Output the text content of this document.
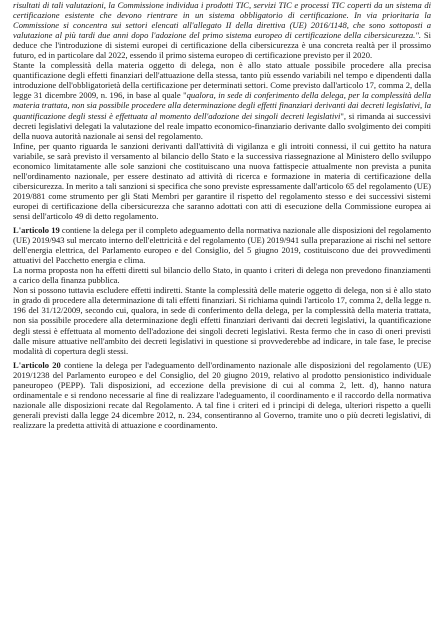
risultati di tali valutazioni, la Commissione individua i prodotti TIC, servizi TIC e processi TIC coperti da un sistema di certificazione esistente che devono rientrare in un sistema obbligatorio di certificazione. In via prioritaria la Commissione si concentra sui settori elencati all'allegato II della direttiva (UE) 2016/1148, che sono sottoposti a valutazione al più tardi due anni dopo l'adozione del primo sistema europeo di certificazione della cibersicurezza.". Si deduce che l'introduzione di sistemi europei di certificazione della cibersicurezza è una concreta realtà per il prossimo futuro, ed in particolare dal 2022, essendo il primo sistema europeo di certificazione previsto per il 2020.

Stante la complessità della materia oggetto di delega, non è allo stato attuale possibile procedere alla precisa quantificazione degli effetti finanziari dell'attuazione della stessa, tanto più essendo variabili nel tempo e dipendenti dalla introduzione dell'obbligatorietà della certificazione per determinati settori. Come previsto dall'articolo 17, comma 2, della legge 31 dicembre 2009, n. 196, in base al quale "qualora, in sede di conferimento della delega, per la complessità della materia trattata, non sia possibile procedere alla determinazione degli effetti finanziari derivanti dai decreti legislativi, la quantificazione degli stessi è effettuata al momento dell'adozione dei singoli decreti legislativi", si rimanda ai successivi decreti legislativi delegati la valutazione del reale impatto economico-finanziario derivante dallo svolgimento dei compiti della nuova autorità nazionale ai sensi del regolamento.

Infine, per quanto riguarda le sanzioni derivanti dall'attività di vigilanza e gli introiti connessi, il cui gettito ha natura variabile, se sarà previsto il versamento al bilancio dello Stato e la successiva riassegnazione al Ministero dello sviluppo economico limitatamente alle sole sanzioni che costituiscano una nuova fattispecie attualmente non prevista a punita nell'ordinamento nazionale, per essere destinato ad attività di ricerca e formazione in materia di certificazione della cibersicurezza. In merito a tali sanzioni si specifica che sono previste espressamente dall'articolo 65 del regolamento (UE) 2019/881 come strumento per gli Stati Membri per garantire il rispetto del regolamento stesso e dei successivi sistemi europei di certificazione della cibersicurezza che saranno adottati con atti di esecuzione della Commissione europea ai sensi dell'articolo 49 di detto regolamento.

L'articolo 19 contiene la delega per il completo adeguamento della normativa nazionale alle disposizioni del regolamento (UE) 2019/943 sul mercato interno dell'elettricità e del regolamento (UE) 2019/941 sulla preparazione ai rischi nel settore dell'energia elettrica, del Parlamento europeo e del Consiglio, del 5 giugno 2019, costituiscono due dei provvedimenti attuativi del Pacchetto energia e clima.

La norma proposta non ha effetti diretti sul bilancio dello Stato, in quanto i criteri di delega non prevedono finanziamenti a carico della finanza pubblica.

Non si possono tuttavia escludere effetti indiretti. Stante la complessità delle materie oggetto di delega, non si è allo stato in grado di procedere alla determinazione di tali effetti finanziari. Si richiama quindi l'articolo 17, comma 2, della legge n. 196 del 31/12/2009, secondo cui, qualora, in sede di conferimento della delega, per la complessità della materia trattata, non sia possibile procedere alla determinazione degli effetti finanziari derivanti dai decreti legislativi, la quantificazione degli stessi è effettuata al momento dell'adozione dei singoli decreti legislativi. Resta fermo che in caso di oneri previsti dalle misure attuative nell'ambito dei decreti legislativi in questione si provvederebbe ad indicare, in tale fase, le precise modalità di copertura degli stessi.

L'articolo 20 contiene la delega per l'adeguamento dell'ordinamento nazionale alle disposizioni del regolamento (UE) 2019/1238 del Parlamento europeo e del Consiglio, del 20 giugno 2019, relativo al prodotto pensionistico individuale paneuropeo (PEPP). Tali disposizioni, ad eccezione della previsione di cui al comma 2, lett. d), hanno natura ordinamentale e si rendono necessarie al fine di realizzare l'adeguamento, il coordinamento e il raccordo della normativa nazionale alle disposizioni recate dal Regolamento. A tal fine i criteri ed i principi di delega, ulteriori rispetto a quelli generali previsti dalla legge 24 dicembre 2012, n. 234, consentiranno al Governo, tramite uno o più decreti legislativi, di realizzare la predetta attività di attuazione e coordinamento.
